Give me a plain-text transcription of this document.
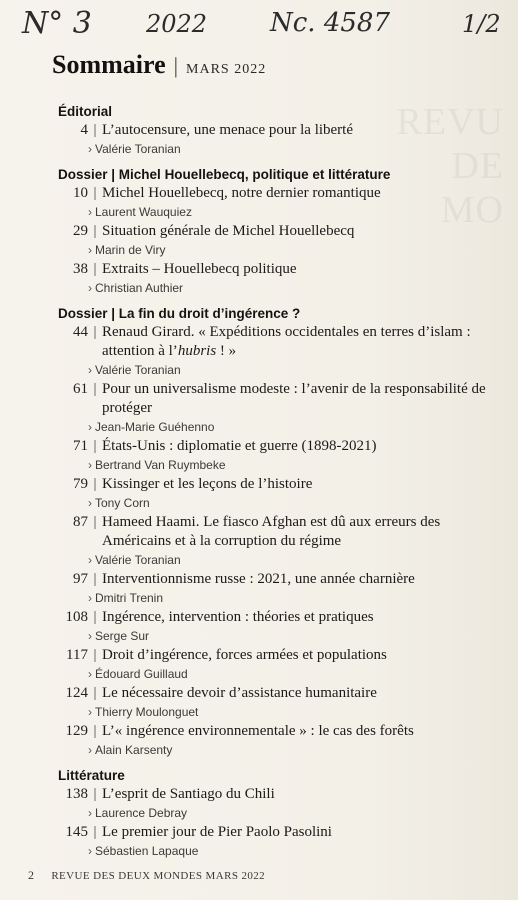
REVU
DE
MO
N° 3 2022 Nc. 4587	1/2
Sommaire | MARS 2022
Éditorial
4 | L’autocensure, une menace pour la liberté
› Valérie Toranian
Dossier | Michel Houellebecq, politique et littérature
10 | Michel Houellebecq, notre dernier romantique
› Laurent Wauquiez
29 | Situation générale de Michel Houellebecq
› Marin de Viry
38 | Extraits – Houellebecq politique
› Christian Authier
Dossier | La fin du droit d’ingérence ?
44 | Renaud Girard. « Expéditions occidentales en terres d’islam : attention à l’hubris ! »
› Valérie Toranian
61 | Pour un universalisme modeste : l’avenir de la responsabilité de protéger
› Jean-Marie Guéhenno
71 | États-Unis : diplomatie et guerre (1898-2021)
› Bertrand Van Ruymbeke
79 | Kissinger et les leçons de l’histoire
› Tony Corn
87 | Hameed Haami. Le fiasco Afghan est dû aux erreurs des Américains et à la corruption du régime
› Valérie Toranian
97 | Interventionnisme russe : 2021, une année charnière
› Dmitri Trenin
108 | Ingérence, intervention : théories et pratiques
› Serge Sur
117 | Droit d’ingérence, forces armées et populations
› Édouard Guillaud
124 | Le nécessaire devoir d’assistance humanitaire
› Thierry Moulonguet
129 | L’« ingérence environnementale » : le cas des forêts
› Alain Karsenty
Littérature
138 | L’esprit de Santiago du Chili
› Laurence Debray
145 | Le premier jour de Pier Paolo Pasolini
› Sébastien Lapaque
2 REVUE DES DEUX MONDES MARS 2022
